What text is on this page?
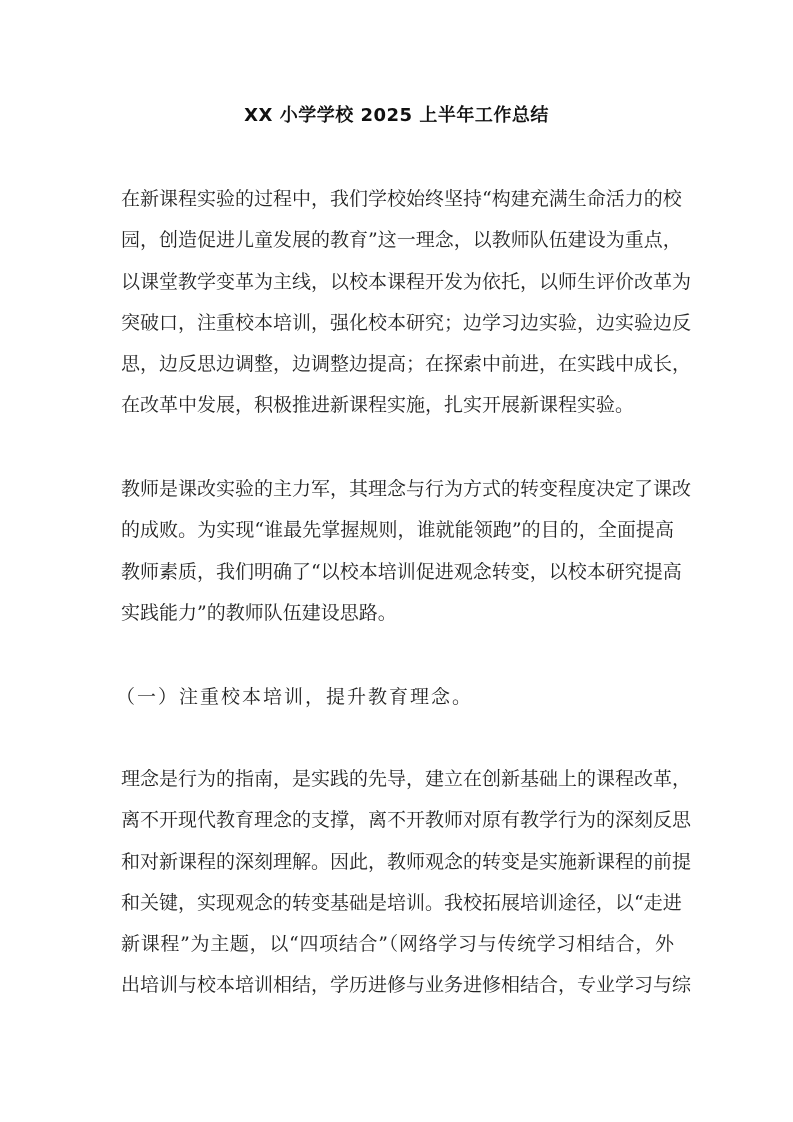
XX 小学学校 2025 上半年工作总结
在新课程实验的过程中，我们学校始终坚持“构建充满生命活力的校
园，创造促进儿童发展的教育”这一理念，以教师队伍建设为重点，
以课堂教学变革为主线，以校本课程开发为依托，以师生评价改革为
突破口，注重校本培训，强化校本研究；边学习边实验，边实验边反
思，边反思边调整，边调整边提高；在探索中前进，在实践中成长，
在改革中发展，积极推进新课程实施，扎实开展新课程实验。
教师是课改实验的主力军，其理念与行为方式的转变程度决定了课改
的成败。为实现“谁最先掌握规则，谁就能领跑”的目的，全面提高
教师素质，我们明确了“以校本培训促进观念转变，以校本研究提高
实践能力”的教师队伍建设思路。
（一）注重校本培训，提升教育理念。
理念是行为的指南，是实践的先导，建立在创新基础上的课程改革，
离不开现代教育理念的支撑，离不开教师对原有教学行为的深刻反思
和对新课程的深刻理解。因此，教师观念的转变是实施新课程的前提
和关键，实现观念的转变基础是培训。我校拓展培训途径，以“走进
新课程”为主题，以“四项结合”（网络学习与传统学习相结合，外
出培训与校本培训相结，学历进修与业务进修相结合，专业学习与综
